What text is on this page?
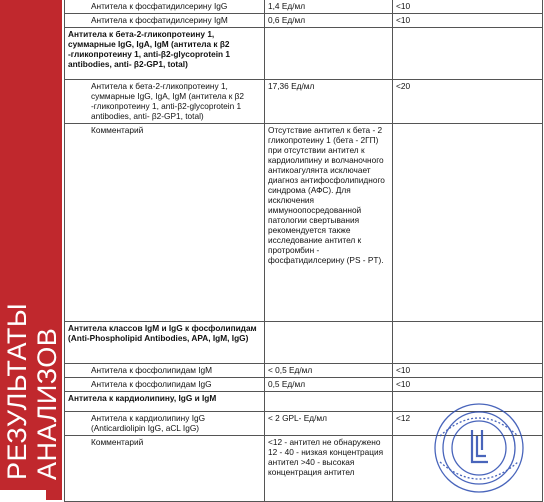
РЕЗУЛЬТАТЫ АНАЛИЗОВ
Антитела к фосфатидилсерину IgG	1,4 Ед/мл	<10
Антитела к фосфатидилсерину IgM	0,6 Ед/мл	<10
Антитела к бета-2-гликопротеину 1, суммарные IgG, IgA, IgM (антитела к β2 -гликопротеину 1, anti-β2-glycoprotein 1 antibodies, anti- β2-GP1, total)		
Антитела к бета-2-гликопротеину 1, суммарные IgG, IgA, IgM (антитела к β2 -гликопротеину 1, anti-β2-glycoprotein 1 antibodies, anti- β2-GP1, total)	17,36 Ед/мл	<20
Комментарий	Отсутствие антител к бета - 2 гликопротеину 1 (бета - 2ГП) при отсутствии антител к кардиолипину и волчаночного антикоагулянта исключает диагноз антифосфолипидного синдрома (АФС). Для исключения иммуноопосредованной патологии свертывания рекомендуется также исследование антител к протромбин - фосфатидилсерину (PS - PT).	
Антитела классов IgM и IgG к фосфолипидам (Anti-Phospholipid Antibodies, APA, IgM, IgG)		
Антитела к фосфолипидам IgM	< 0,5 Ед/мл	<10
Антитела к фосфолипидам IgG	0,5 Ед/мл	<10
Антитела к кардиолипину, IgG и IgM		
Антитела к кардиолипину IgG (Anticardiolipin IgG, aCL IgG)	< 2 GPL- Ед/мл	<12
Комментарий	<12 - антител не обнаружено 12 - 40 - низкая концентрация антител >40 - высокая концентрация антител	
